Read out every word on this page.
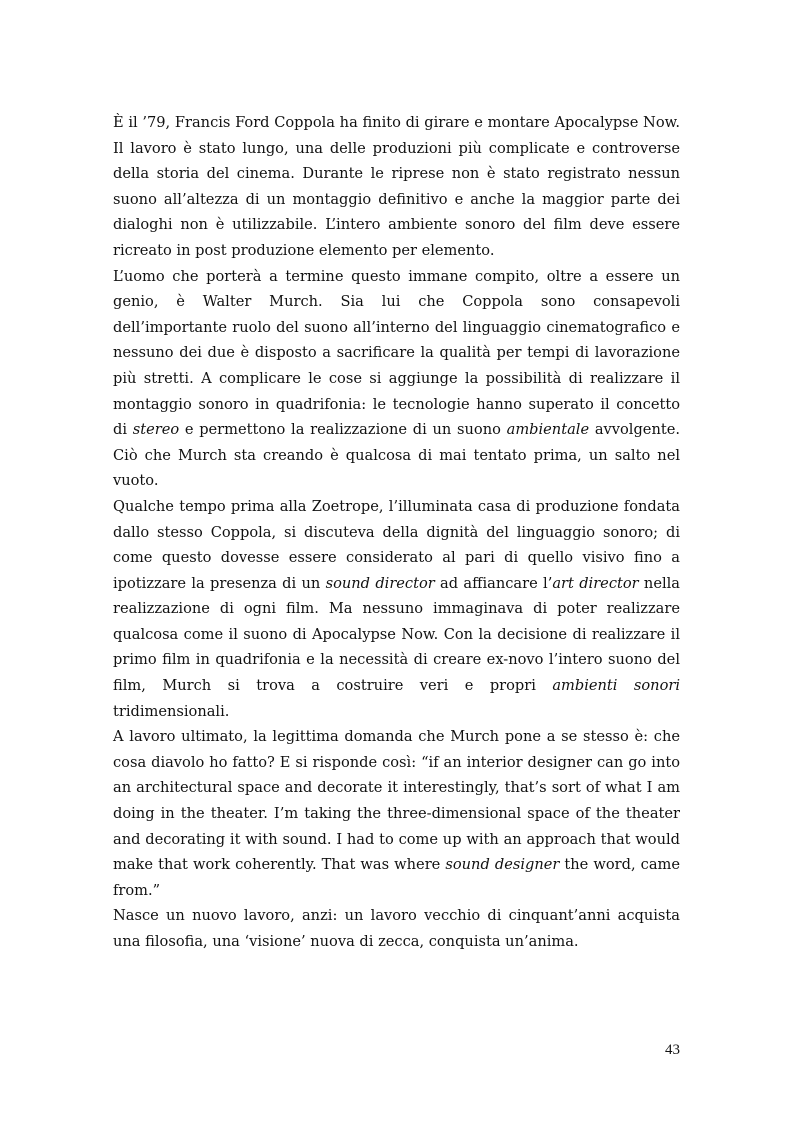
È il ’79, Francis Ford Coppola ha finito di girare e montare Apocalypse Now. Il lavoro è stato lungo, una delle produzioni più complicate e controverse della storia del cinema. Durante le riprese non è stato registrato nessun suono all’altezza di un montaggio definitivo e anche la maggior parte dei dialoghi non è utilizzabile. L’intero ambiente sonoro del film deve essere ricreato in post produzione elemento per elemento.

L’uomo che porterà a termine questo immane compito, oltre a essere un genio, è Walter Murch. Sia lui che Coppola sono consapevoli dell’importante ruolo del suono all’interno del linguaggio cinematografico e nessuno dei due è disposto a sacrificare la qualità per tempi di lavorazione più stretti. A complicare le cose si aggiunge la possibilità di realizzare il montaggio sonoro in quadrifonia: le tecnologie hanno superato il concetto di stereo e permettono la realizzazione di un suono ambientale avvolgente. Ciò che Murch sta creando è qualcosa di mai tentato prima, un salto nel vuoto.

Qualche tempo prima alla Zoetrope, l’illuminata casa di produzione fondata dallo stesso Coppola, si discuteva della dignità del linguaggio sonoro; di come questo dovesse essere considerato al pari di quello visivo fino a ipotizzare la presenza di un sound director ad affiancare l’art director nella realizzazione di ogni film. Ma nessuno immaginava di poter realizzare qualcosa come il suono di Apocalypse Now. Con la decisione di realizzare il primo film in quadrifonia e la necessità di creare ex-novo l’intero suono del film, Murch si trova a costruire veri e propri ambienti sonori tridimensionali.

A lavoro ultimato, la legittima domanda che Murch pone a se stesso è: che cosa diavolo ho fatto? E si risponde così: “if an interior designer can go into an architectural space and decorate it interestingly, that’s sort of what I am doing in the theater. I’m taking the three-dimensional space of the theater and decorating it with sound. I had to come up with an approach that would make that work coherently. That was where sound designer the word, came from.”

Nasce un nuovo lavoro, anzi: un lavoro vecchio di cinquant’anni acquista una filosofia, una ‘visione’ nuova di zecca, conquista un’anima.

43
